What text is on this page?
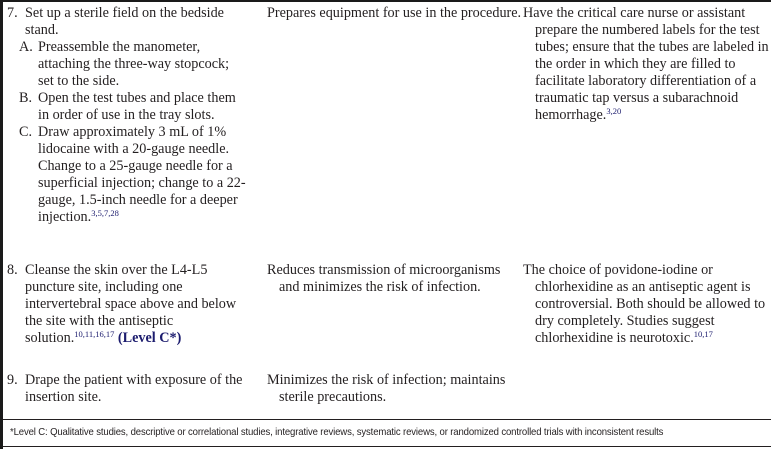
7. Set up a sterile field on the bedside stand.
A. Preassemble the manometer, attaching the three-way stopcock; set to the side.
B. Open the test tubes and place them in order of use in the tray slots.
C. Draw approximately 3 mL of 1% lidocaine with a 20-gauge needle. Change to a 25-gauge needle for a superficial injection; change to a 22-gauge, 1.5-inch needle for a deeper injection.$^{3,5,7,28}$
Prepares equipment for use in the procedure. Have the critical care nurse or assistant prepare the numbered labels for the test tubes; ensure that the tubes are labeled in the order in which they are filled to facilitate laboratory differentiation of a traumatic tap versus a subarachnoid hemorrhage.$^{3,20}$
8. Cleanse the skin over the L4-L5 puncture site, including one intervertebral space above and below the site with the antiseptic solution.$^{10,11,16,17}$ (Level C*)
Reduces transmission of microorganisms and minimizes the risk of infection.
The choice of povidone-iodine or chlorhexidine as an antiseptic agent is controversial. Both should be allowed to dry completely. Studies suggest chlorhexidine is neurotoxic.$^{10,17}$
9. Drape the patient with exposure of the insertion site.
Minimizes the risk of infection; maintains sterile precautions.
*Level C: Qualitative studies, descriptive or correlational studies, integrative reviews, systematic reviews, or randomized controlled trials with inconsistent results
